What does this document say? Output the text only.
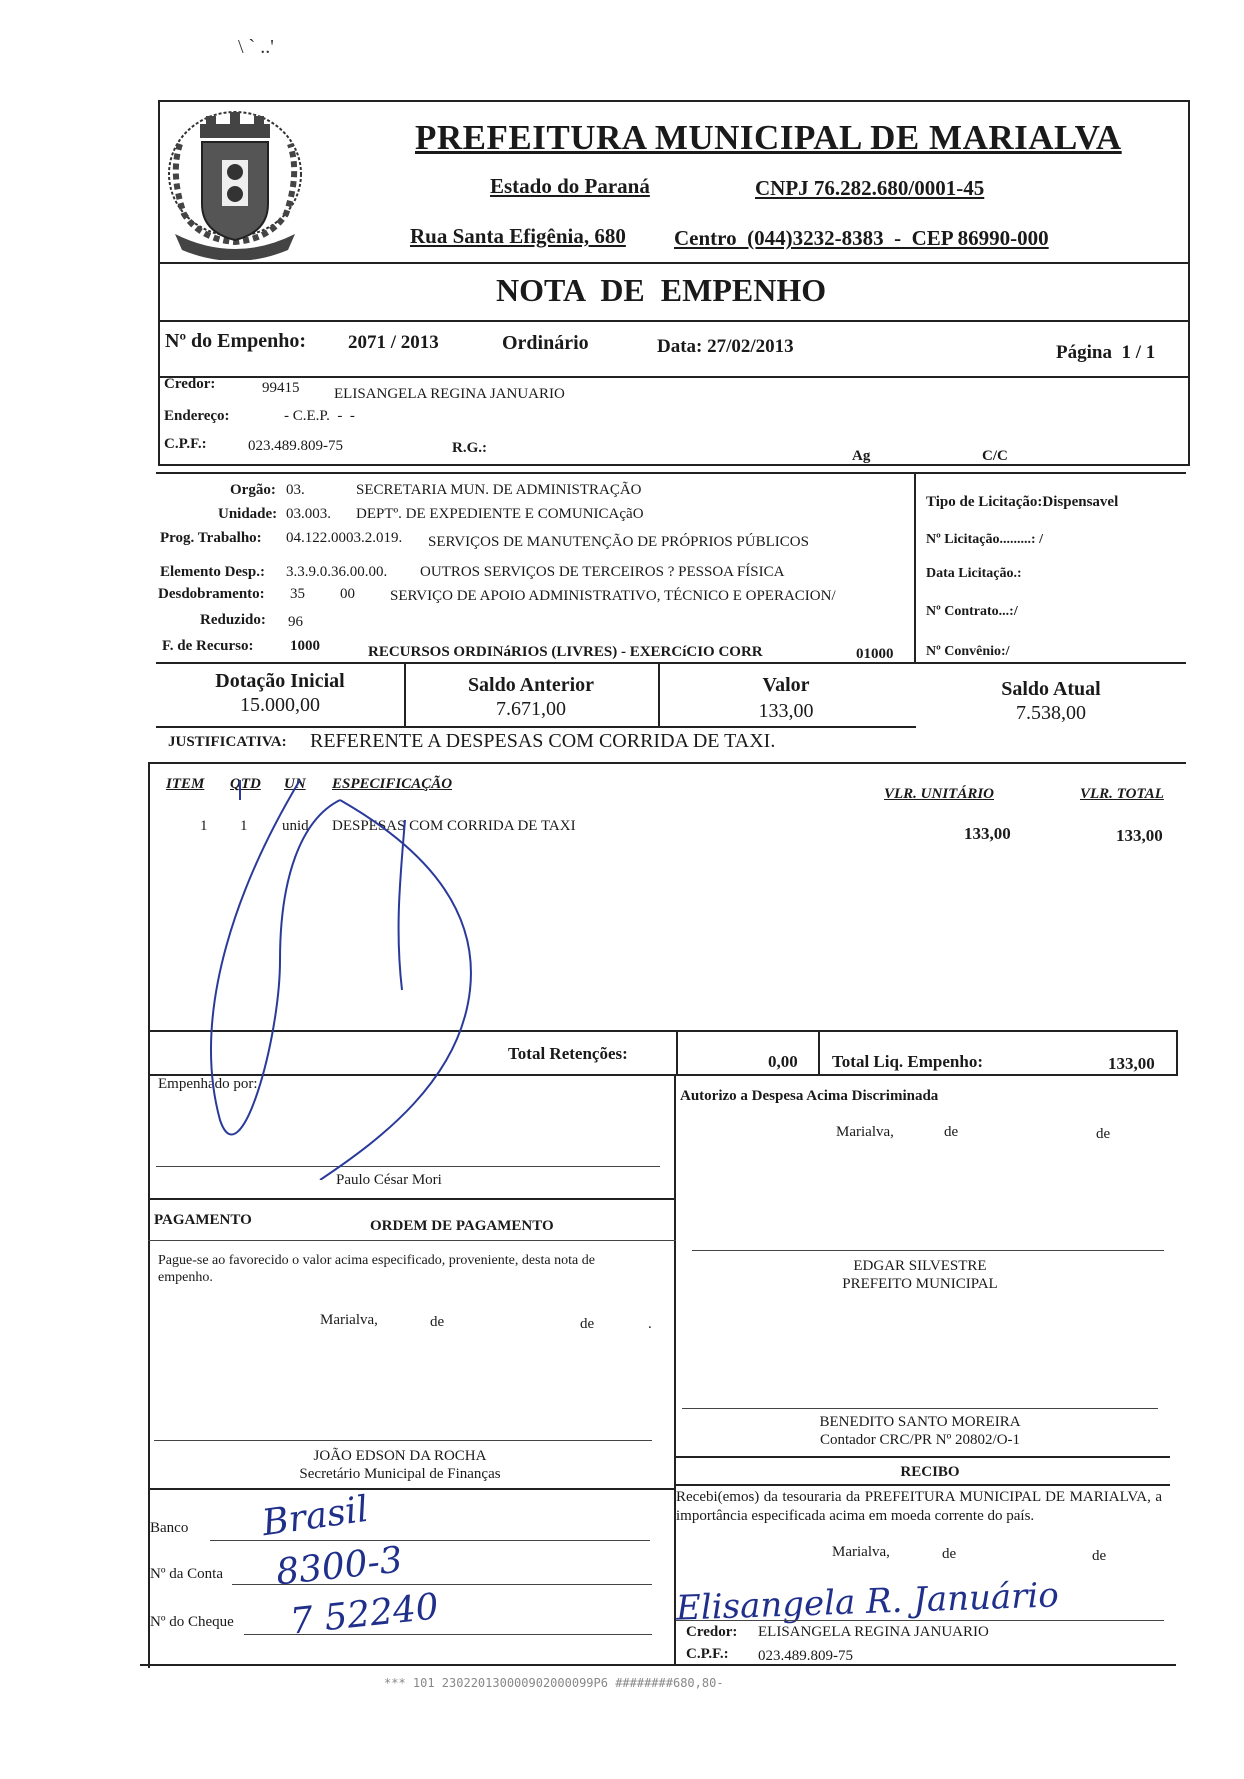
\ ` ..'
PREFEITURA MUNICIPAL DE MARIALVA
Estado do Paraná	CNPJ 76.282.680/0001-45
Rua Santa Efigênia, 680 Centro  (044)3232-8383  -  CEP 86990-000
NOTA  DE  EMPENHO
Nº do Empenho: 2071 / 2013	Ordinário	Data: 27/02/2013	Página  1 / 1
Credor:	99415 ELISANGELA REGINA JANUARIO
Endereço:	- C.E.P.  -  -
C.P.F.:	023.489.809-75	R.G.:	Ag	C/C
Orgão: 03.	SECRETARIA MUN. DE ADMINISTRAÇÃO
Unidade: 03.003. DEPTº. DE EXPEDIENTE E COMUNICAçãO
Prog. Trabalho: 04.122.0003.2.019. SERVIÇOS DE MANUTENÇÃO DE PRÓPRIOS PÚBLICOS
Elemento Desp.: 3.3.9.0.36.00.00. OUTROS SERVIÇOS DE TERCEIROS ? PESSOA FÍSICA
Desdobramento: 35 00 SERVIÇO DE APOIO ADMINISTRATIVO, TÉCNICO E OPERACION/
Reduzido: 96
F. de Recurso: 1000	RECURSOS ORDINáRIOS (LIVRES) - EXERCíCIO CORR	01000
Tipo de Licitação:Dispensavel
Nº Licitação.........: /
Data Licitação.:
Nº Contrato...:/
Nº Convênio:/
Dotação Inicial
15.000,00
Saldo Anterior
7.671,00
Valor
133,00
Saldo Atual
7.538,00
JUSTIFICATIVA: REFERENTE A DESPESAS COM CORRIDA DE TAXI.
ITEM QTD UN ESPECIFICAÇÃO
VLR. UNITÁRIO	VLR. TOTAL
1 1 unid DESPESAS COM CORRIDA DE TAXI	133,00	133,00
Total Retenções:	0,00 Total Liq. Empenho:	133,00
Empenhado por:
Paulo César Mori
Autorizo a Despesa Acima Discriminada
Marialva,	de	de
EDGAR SILVESTRE
PREFEITO MUNICIPAL
PAGAMENTO	ORDEM DE PAGAMENTO
Pague-se ao favorecido o valor acima especificado, proveniente, desta nota de empenho.
Marialva,	de	de	.
JOÃO EDSON DA ROCHA
Secretário Municipal de Finanças
BENEDITO SANTO MOREIRA
Contador CRC/PR Nº 20802/O-1
RECIBO
Recebi(emos) da tesouraria da PREFEITURA MUNICIPAL DE MARIALVA, a importância especificada acima em moeda corrente do país.
Marialva,	de	de
Banco Brasil
Nº da Conta 8300-3
Nº do Cheque 7 52240	Elisangela R. Januário
Credor: ELISANGELA REGINA JANUARIO
C.P.F.: 023.489.809-75
*** 101 230220130000902000099P6 ########680,80-
